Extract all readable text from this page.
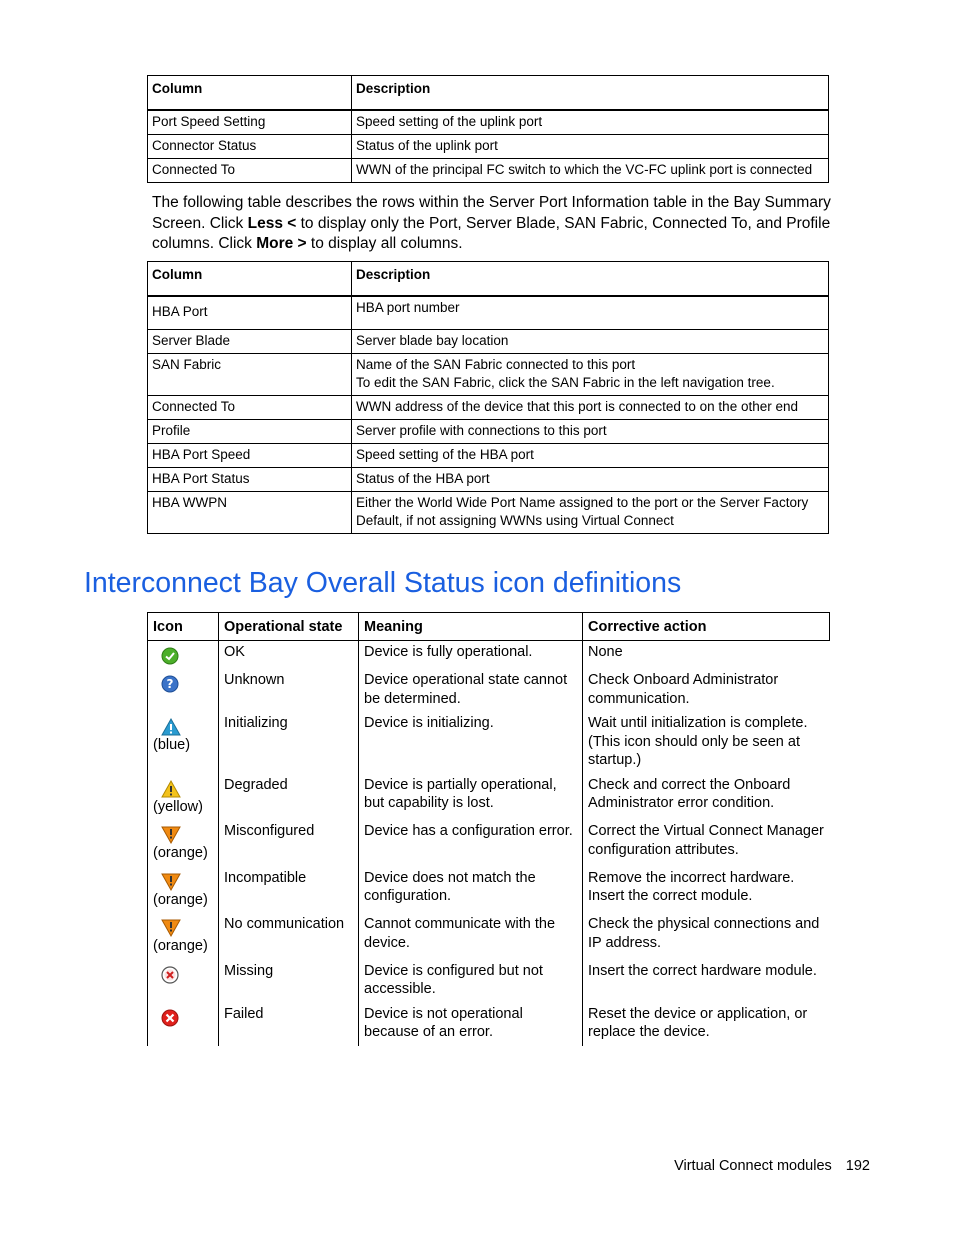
Column	Description
Port Speed Setting	Speed setting of the uplink port
Connector Status	Status of the uplink port
Connected To	WWN of the principal FC switch to which the VC-FC uplink port is connected
The following table describes the rows within the Server Port Information table in the Bay Summary Screen. Click Less < to display only the Port, Server Blade, SAN Fabric, Connected To, and Profile columns. Click More > to display all columns.
Column	Description
HBA Port	HBA port number
Server Blade	Server blade bay location
SAN Fabric	Name of the SAN Fabric connected to this port
To edit the SAN Fabric, click the SAN Fabric in the left navigation tree.
Connected To	WWN address of the device that this port is connected to on the other end
Profile	Server profile with connections to this port
HBA Port Speed	Speed setting of the HBA port
HBA Port Status	Status of the HBA port
HBA WWPN	Either the World Wide Port Name assigned to the port or the Server Factory Default, if not assigning WWNs using Virtual Connect
Interconnect Bay Overall Status icon definitions
Icon	Operational state	Meaning	Corrective action

	OK	Device is fully operational.	None

?	Unknown	Device operational state cannot be determined.	Check Onboard Administrator communication.

(blue)	Initializing	Device is initializing.	Wait until initialization is complete. (This icon should only be seen at startup.)

(yellow)	Degraded	Device is partially operational, but capability is lost.	Check and correct the Onboard Administrator error condition.

(orange)	Misconfigured	Device has a configuration error.	Correct the Virtual Connect Manager configuration attributes.

(orange)	Incompatible	Device does not match the configuration.	Remove the incorrect hardware. Insert the correct module.

(orange)	No communication	Cannot communicate with the device.	Check the physical connections and IP address.

	Missing	Device is configured but not accessible.	Insert the correct hardware module.

	Failed	Device is not operational because of an error.	Reset the device or application, or replace the device.
Virtual Connect modules 192
